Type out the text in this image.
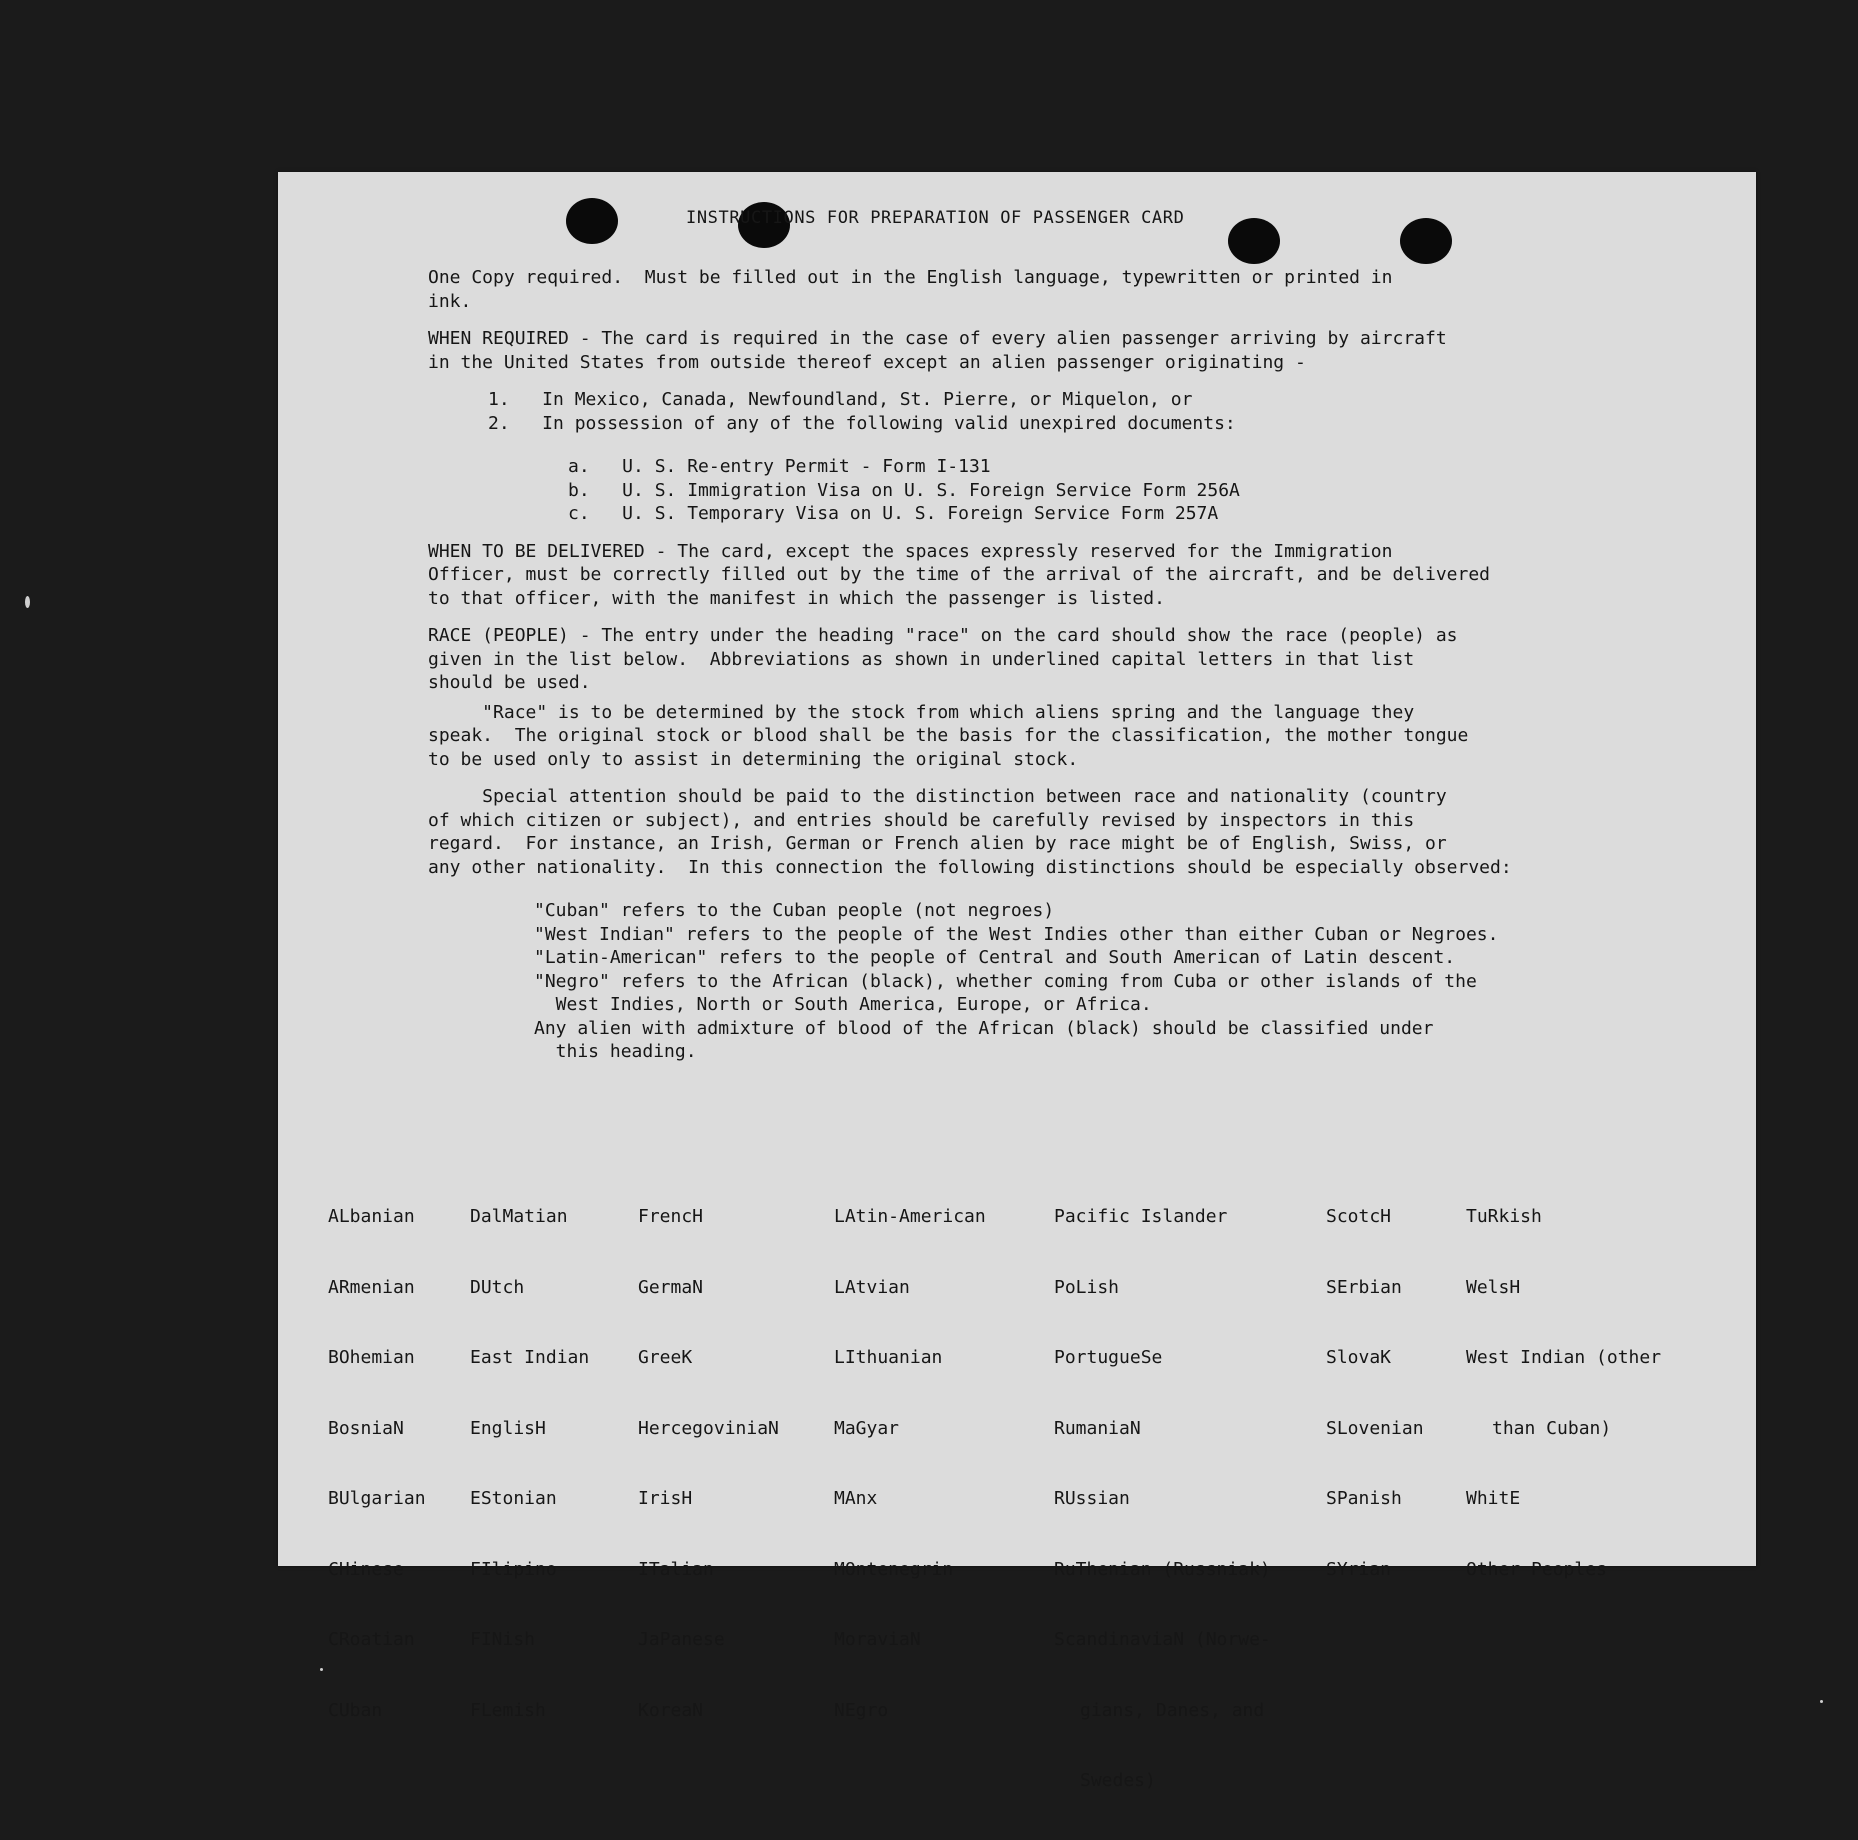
INSTRUCTIONS FOR PREPARATION OF PASSENGER CARD

One Copy required.  Must be filled out in the English language, typewritten or printed in

ink.

WHEN REQUIRED - The card is required in the case of every alien passenger arriving by aircraft

in the United States from outside thereof except an alien passenger originating -

1.   In Mexico, Canada, Newfoundland, St. Pierre, or Miquelon, or

2.   In possession of any of the following valid unexpired documents:

a.   U. S. Re-entry Permit - Form I-131

b.   U. S. Immigration Visa on U. S. Foreign Service Form 256A

c.   U. S. Temporary Visa on U. S. Foreign Service Form 257A

WHEN TO BE DELIVERED - The card, except the spaces expressly reserved for the Immigration

Officer, must be correctly filled out by the time of the arrival of the aircraft, and be delivered

to that officer, with the manifest in which the passenger is listed.

RACE (PEOPLE) - The entry under the heading "race" on the card should show the race (people) as

given in the list below.  Abbreviations as shown in underlined capital letters in that list

should be used.

"Race" is to be determined by the stock from which aliens spring and the language they

speak.  The original stock or blood shall be the basis for the classification, the mother tongue

to be used only to assist in determining the original stock.

Special attention should be paid to the distinction between race and nationality (country

of which citizen or subject), and entries should be carefully revised by inspectors in this

regard.  For instance, an Irish, German or French alien by race might be of English, Swiss, or

any other nationality.  In this connection the following distinctions should be especially observed:

"Cuban" refers to the Cuban people (not negroes)

"West Indian" refers to the people of the West Indies other than either Cuban or Negroes.

"Latin-American" refers to the people of Central and South American of Latin descent.

"Negro" refers to the African (black), whether coming from Cuba or other islands of the

West Indies, North or South America, Europe, or Africa.

Any alien with admixture of blood of the African (black) should be classified under

this heading.

ALbanian

ARmenian

BOhemian

BosniaN

BUlgarian

CHinese

CRoatian

CUban

DalMatian

DUtch

East Indian

EnglisH

EStonian

FIlipino

FINish

FLemish

FrencH

GermaN

GreeK

HercegoviniaN

IrisH

ITalian

JaPanese

KoreaN

LAtin-American

LAtvian

LIthuanian

MaGyar

MAnx

MOntenegrin

MoraviaN

NEgro

Pacific Islander

PoLish

PortugueSe

RumaniaN

RUssian

RuThenian (Russniak)

ScandinaviaN (Norwe-

gians, Danes, and

Swedes)

ScotcH

SErbian

SlovaK

SLovenian

SPanish

SYrian

TuRkish

WelsH

West Indian (other

than Cuban)

WhitE

Other Peoples
